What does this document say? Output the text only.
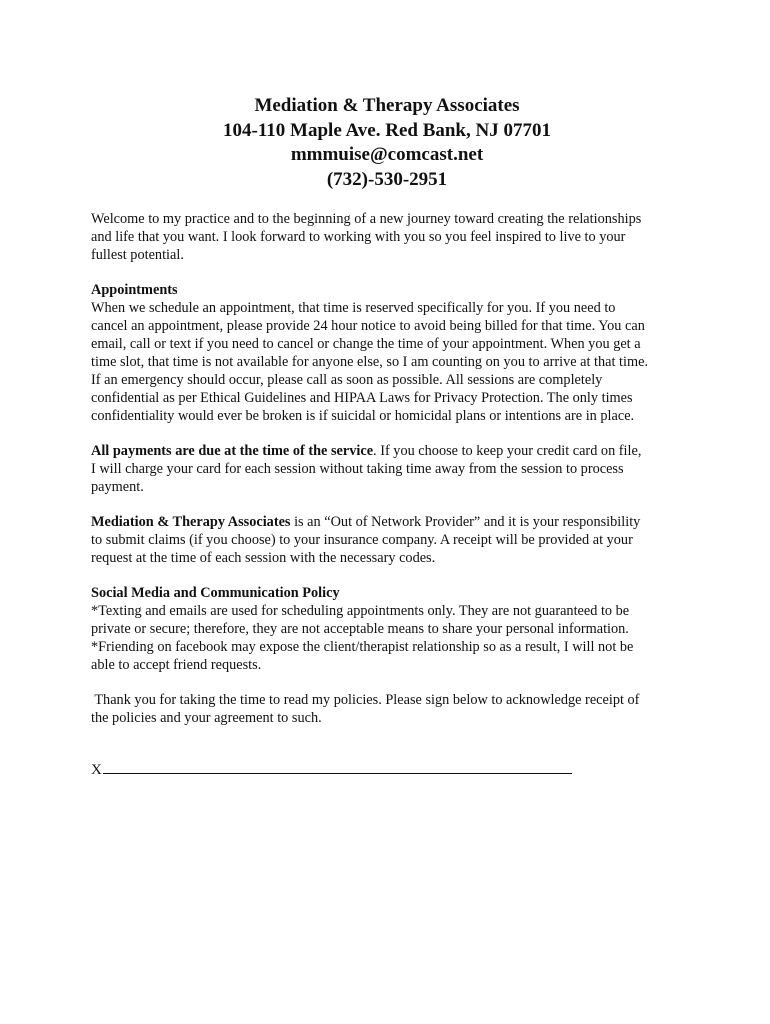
Mediation & Therapy Associates
104-110 Maple Ave. Red Bank, NJ 07701
mmmuise@comcast.net
(732)-530-2951

Welcome to my practice and to the beginning of a new journey toward creating the relationships
and life that you want. I look forward to working with you so you feel inspired to live to your
fullest potential.

Appointments
When we schedule an appointment, that time is reserved specifically for you. If you need to
cancel an appointment, please provide 24 hour notice to avoid being billed for that time. You can
email, call or text if you need to cancel or change the time of your appointment. When you get a
time slot, that time is not available for anyone else, so I am counting on you to arrive at that time.
If an emergency should occur, please call as soon as possible. All sessions are completely
confidential as per Ethical Guidelines and HIPAA Laws for Privacy Protection. The only times
confidentiality would ever be broken is if suicidal or homicidal plans or intentions are in place.

All payments are due at the time of the service. If you choose to keep your credit card on file,
I will charge your card for each session without taking time away from the session to process
payment.

Mediation & Therapy Associates is an “Out of Network Provider” and it is your responsibility
to submit claims (if you choose) to your insurance company. A receipt will be provided at your
request at the time of each session with the necessary codes.

Social Media and Communication Policy
*Texting and emails are used for scheduling appointments only. They are not guaranteed to be
private or secure; therefore, they are not acceptable means to share your personal information.
*Friending on facebook may expose the client/therapist relationship so as a result, I will not be
able to accept friend requests.

Thank you for taking the time to read my policies. Please sign below to acknowledge receipt of
the policies and your agreement to such.

X
